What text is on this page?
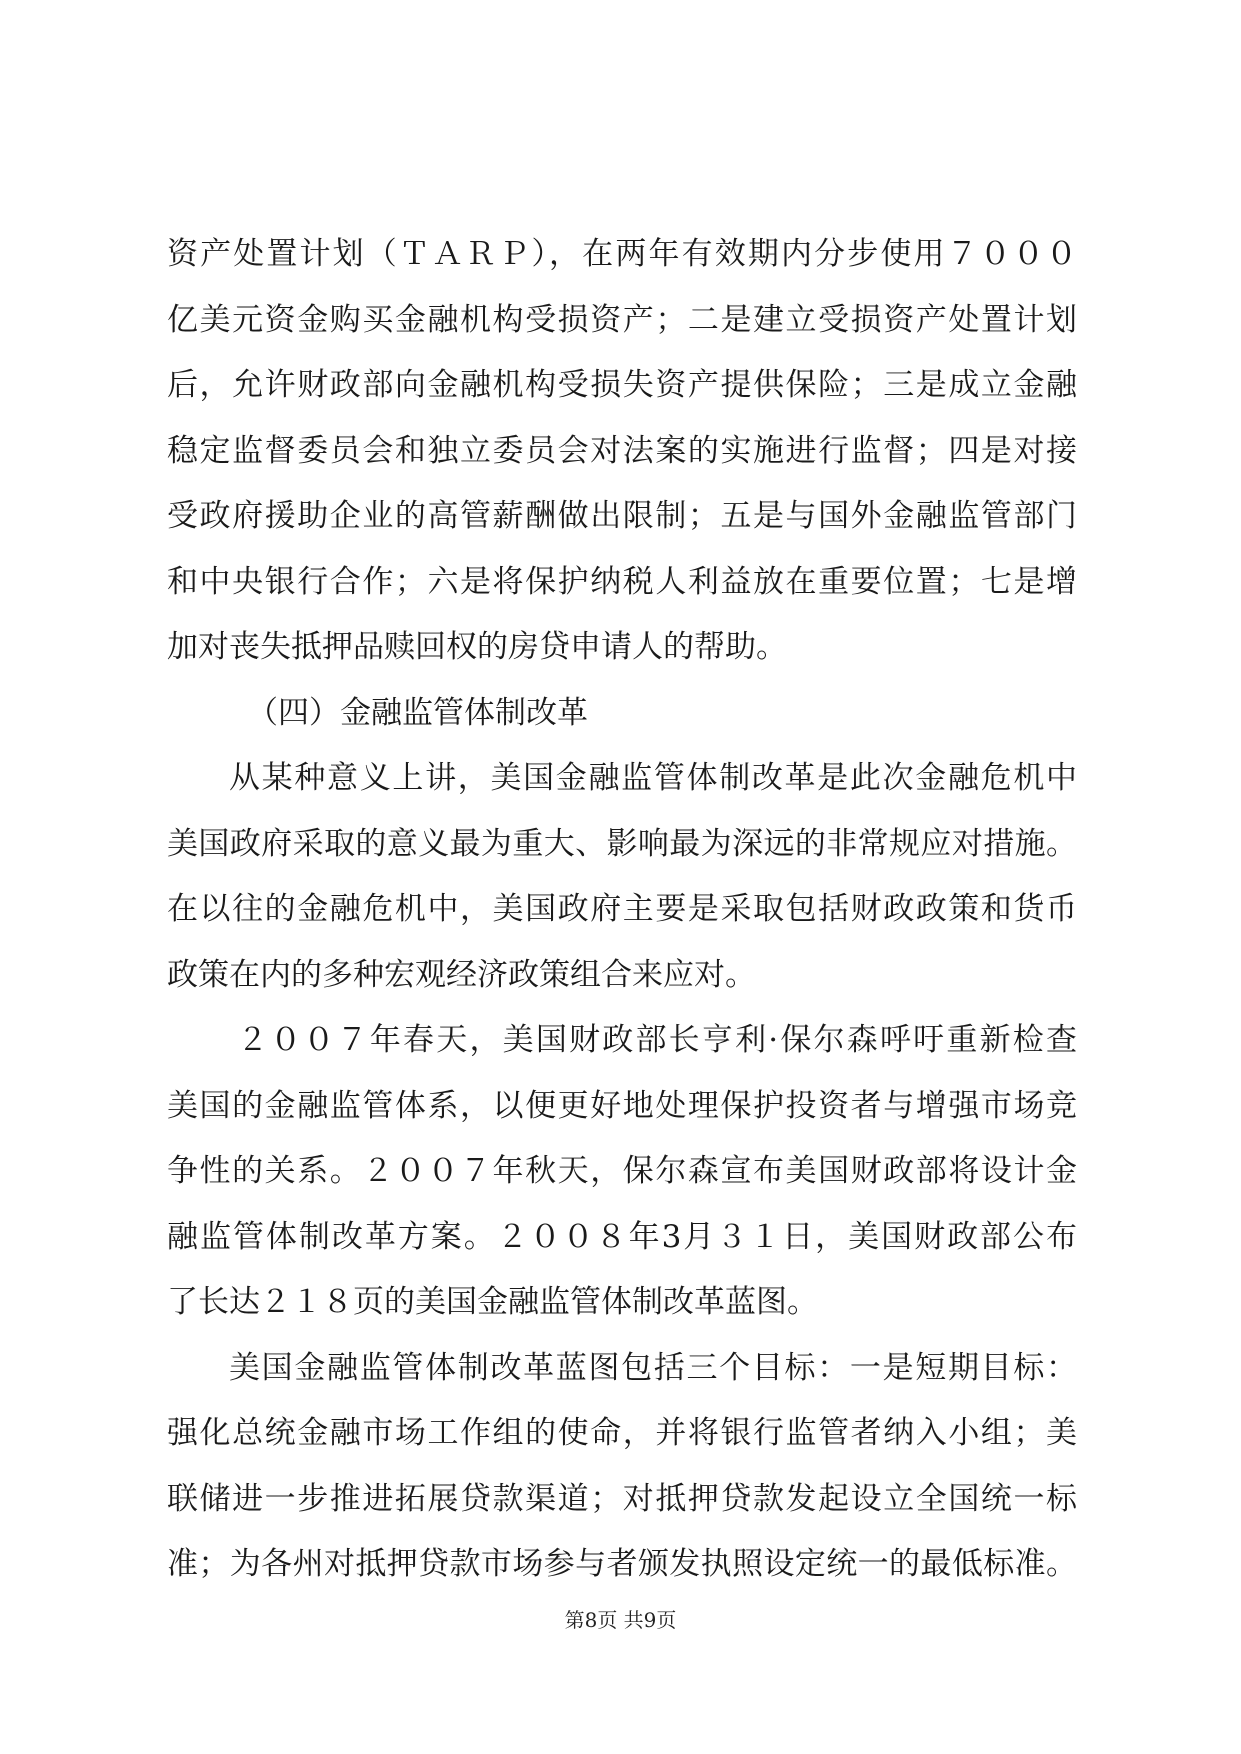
资产处置计划（ＴＡＲＰ），在两年有效期内分步使用７０００
亿美元资金购买金融机构受损资产；二是建立受损资产处置计划
后，允许财政部向金融机构受损失资产提供保险；三是成立金融
稳定监督委员会和独立委员会对法案的实施进行监督；四是对接
受政府援助企业的高管薪酬做出限制；五是与国外金融监管部门
和中央银行合作；六是将保护纳税人利益放在重要位置；七是增
加对丧失抵押品赎回权的房贷申请人的帮助。
（四）金融监管体制改革
从某种意义上讲，美国金融监管体制改革是此次金融危机中
美国政府采取的意义最为重大、影响最为深远的非常规应对措施。
在以往的金融危机中，美国政府主要是采取包括财政政策和货币
政策在内的多种宏观经济政策组合来应对。
２００７年春天，美国财政部长亨利·保尔森呼吁重新检查
美国的金融监管体系，以便更好地处理保护投资者与增强市场竞
争性的关系。２００７年秋天，保尔森宣布美国财政部将设计金
融监管体制改革方案。２００８年3月３１日，美国财政部公布
了长达２１８页的美国金融监管体制改革蓝图。
美国金融监管体制改革蓝图包括三个目标：一是短期目标：
强化总统金融市场工作组的使命，并将银行监管者纳入小组；美
联储进一步推进拓展贷款渠道；对抵押贷款发起设立全国统一标
准；为各州对抵押贷款市场参与者颁发执照设定统一的最低标准。
第8页 共9页
